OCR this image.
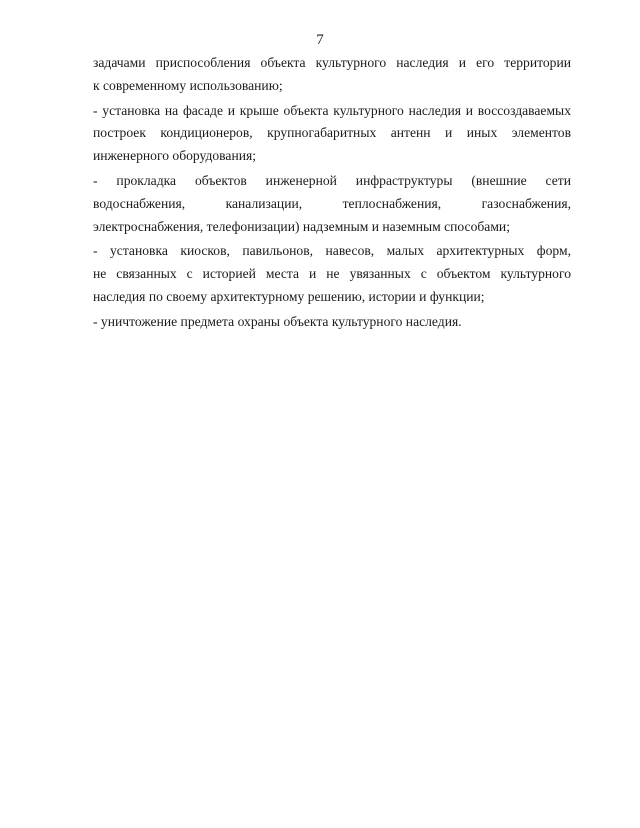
7
задачами приспособления объекта культурного наследия и его территории
к современному использованию;
- установка на фасаде и крыше объекта культурного наследия и воссоздаваемых
построек кондиционеров, крупногабаритных антенн и иных элементов
инженерного оборудования;
- прокладка объектов инженерной инфраструктуры (внешние сети
водоснабжения, канализации, теплоснабжения, газоснабжения,
электроснабжения, телефонизации) надземным и наземным способами;
- установка киосков, павильонов, навесов, малых архитектурных форм,
не связанных с историей места и не увязанных с объектом культурного
наследия по своему архитектурному решению, истории и функции;
- уничтожение предмета охраны объекта культурного наследия.
